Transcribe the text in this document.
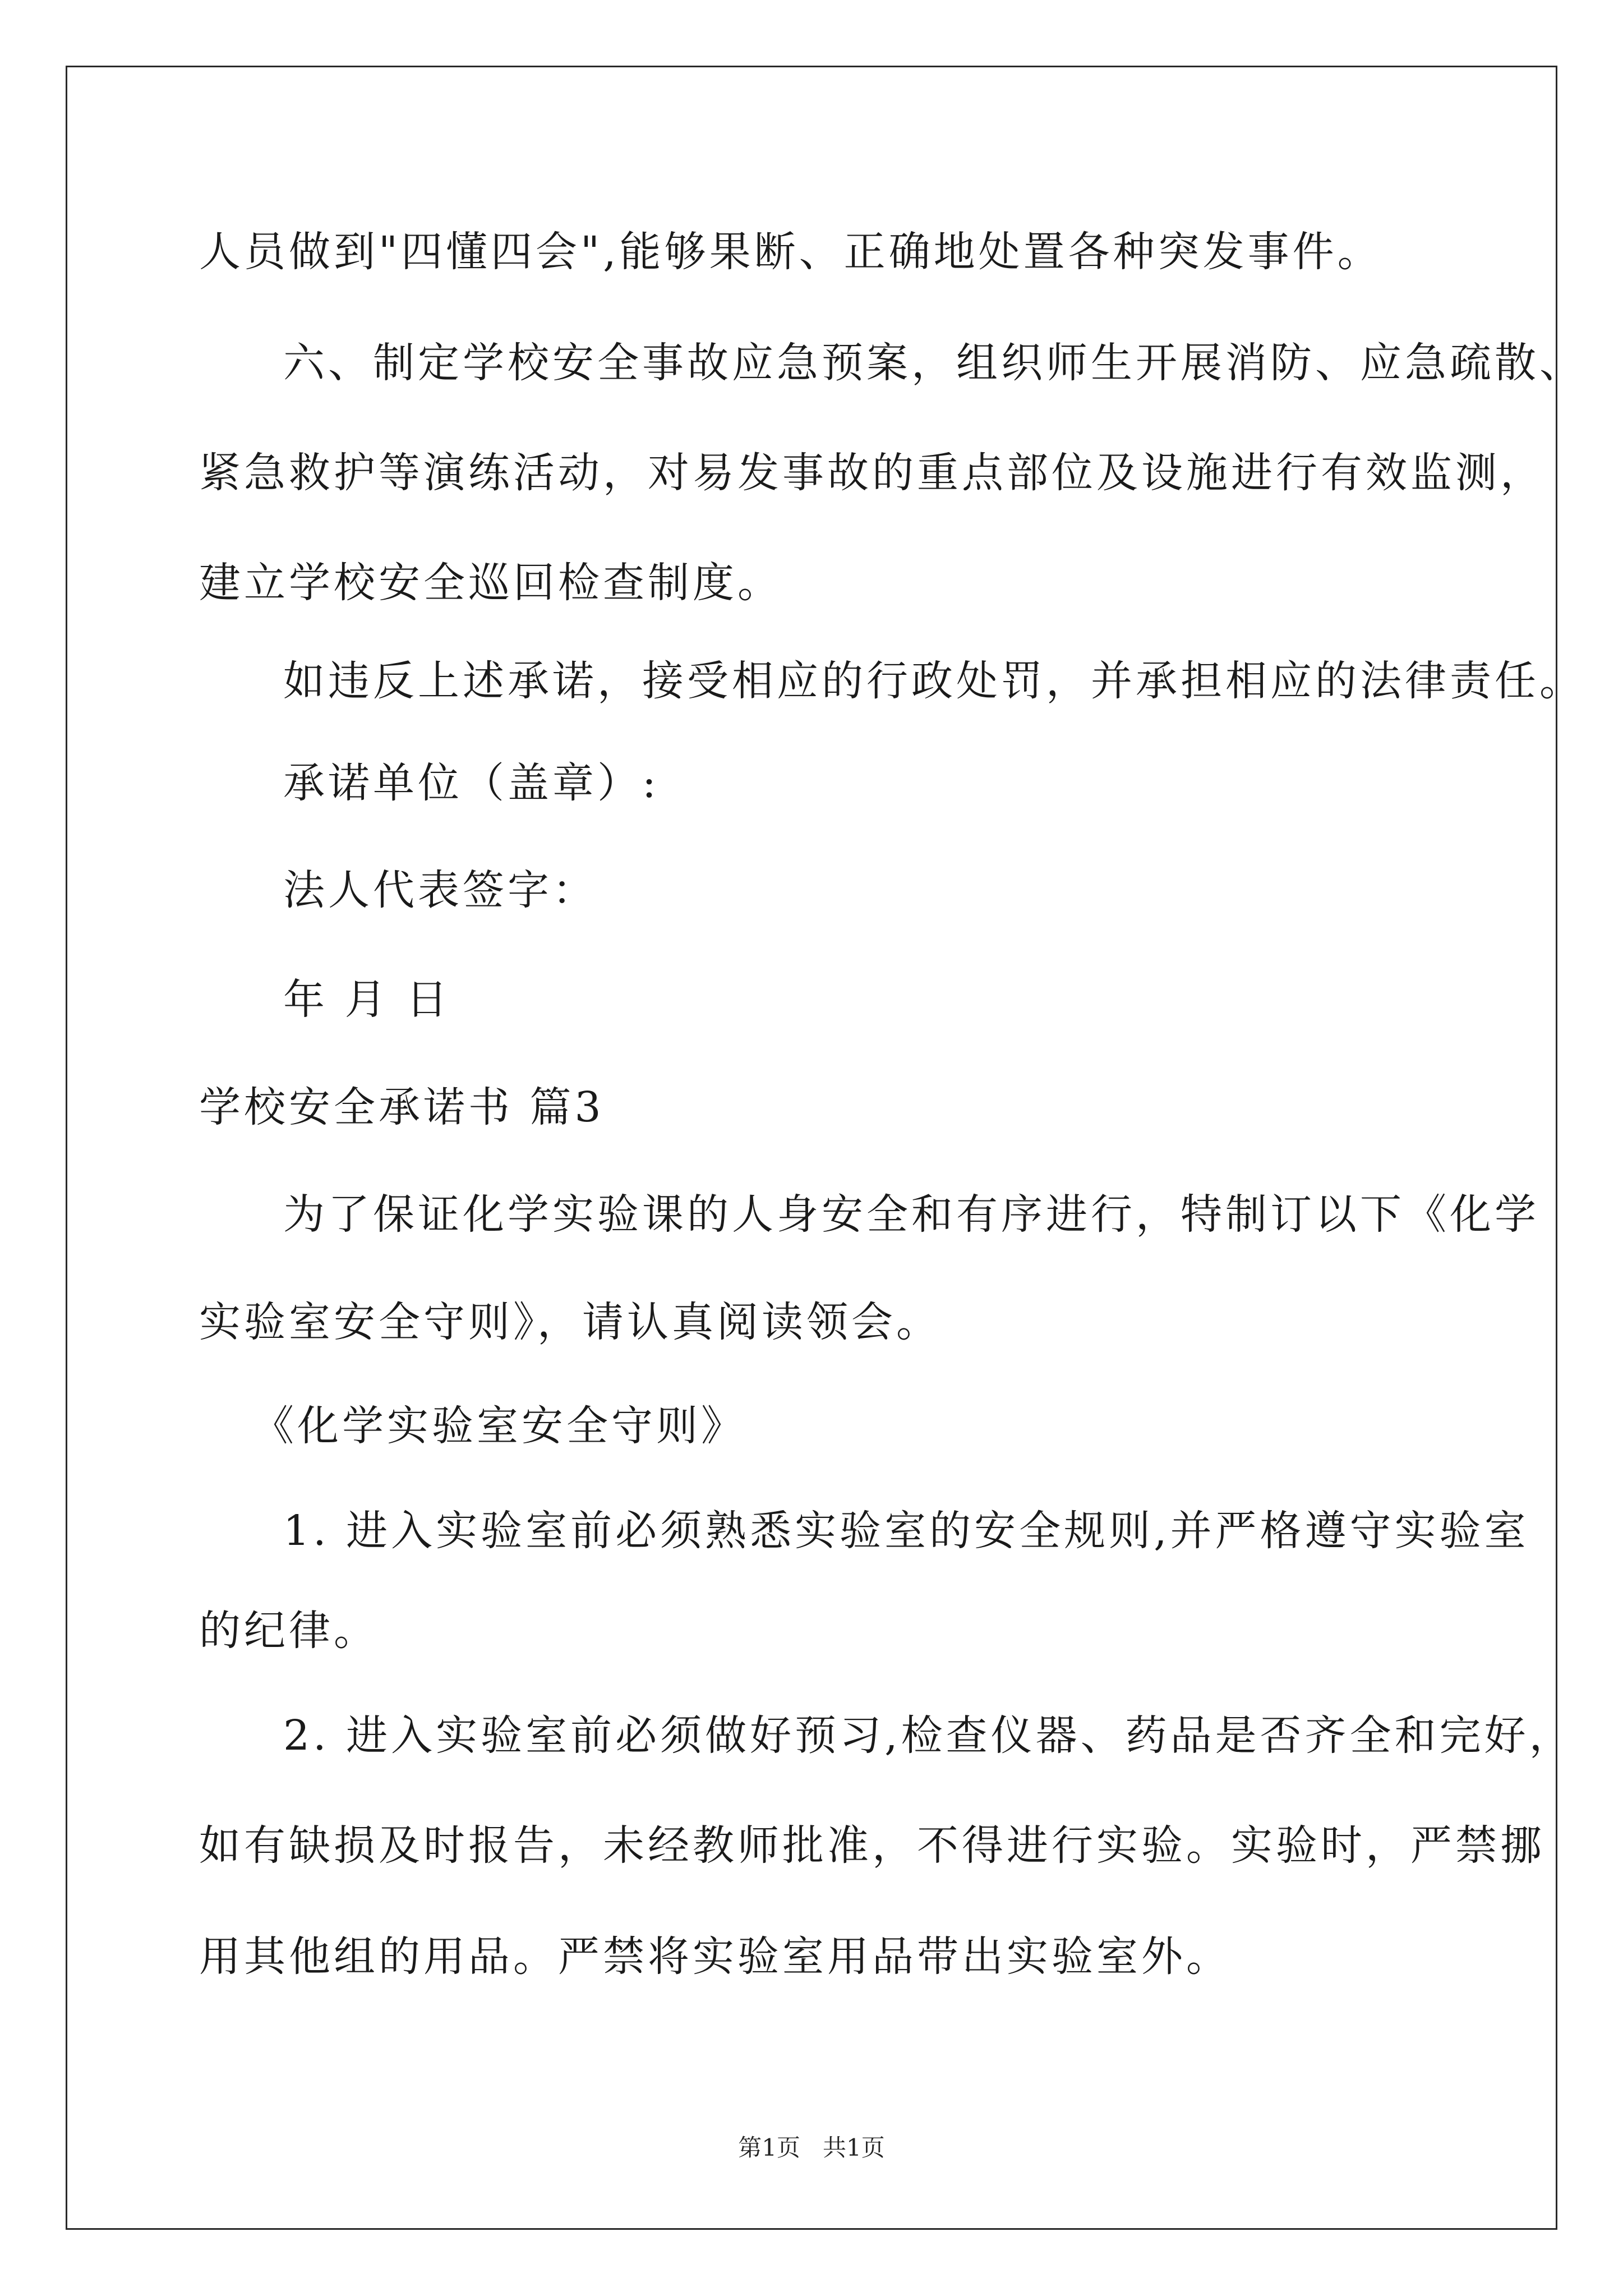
人员做到"四懂四会",能够果断、正确地处置各种突发事件。
六、制定学校安全事故应急预案，组织师生开展消防、应急疏散、
紧急救护等演练活动，对易发事故的重点部位及设施进行有效监测，
建立学校安全巡回检查制度。
如违反上述承诺，接受相应的行政处罚，并承担相应的法律责任。
承诺单位（盖章）:
法人代表签字：
年 月 日
学校安全承诺书 篇3
为了保证化学实验课的人身安全和有序进行，特制订以下《化学
实验室安全守则》，请认真阅读领会。
《化学实验室安全守则》
1. 进入实验室前必须熟悉实验室的安全规则,并严格遵守实验室
的纪律。
2. 进入实验室前必须做好预习,检查仪器、药品是否齐全和完好，
如有缺损及时报告，未经教师批准，不得进行实验。实验时，严禁挪
用其他组的用品。严禁将实验室用品带出实验室外。
第1页 共1页
